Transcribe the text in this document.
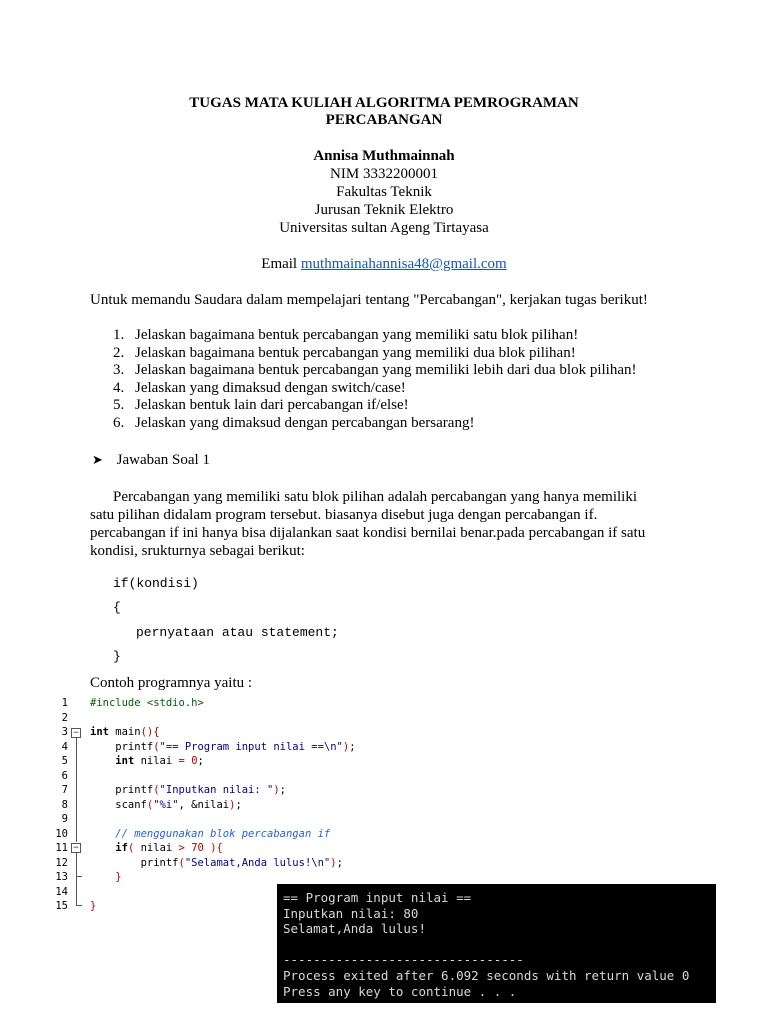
TUGAS MATA KULIAH ALGORITMA PEMROGRAMAN
PERCABANGAN
Annisa Muthmainnah
NIM 3332200001
Fakultas Teknik
Jurusan Teknik Elektro
Universitas sultan Ageng Tirtayasa
Email muthmainahannisa48@gmail.com
Untuk memandu Saudara dalam mempelajari tentang "Percabangan", kerjakan tugas berikut!
1. Jelaskan bagaimana bentuk percabangan yang memiliki satu blok pilihan!
2. Jelaskan bagaimana bentuk percabangan yang memiliki dua blok pilihan!
3. Jelaskan bagaimana bentuk percabangan yang memiliki lebih dari dua blok pilihan!
4. Jelaskan yang dimaksud dengan switch/case!
5. Jelaskan bentuk lain dari percabangan if/else!
6. Jelaskan yang dimaksud dengan percabangan bersarang!
➤ Jawaban Soal 1
Percabangan yang memiliki satu blok pilihan adalah percabangan yang hanya memiliki
satu pilihan didalam program tersebut. biasanya disebut juga dengan percabangan if.
percabangan if ini hanya bisa dijalankan saat kondisi bernilai benar.pada percabangan if satu
kondisi, srukturnya sebagai berikut:
if(kondisi)
{
pernyataan atau statement;
}
Contoh programnya yaitu :
1
2
3
4
5
6
7
8
9
10
11
12
13
14
15
−
−
#include <stdio.h>
int main(){
printf("== Program input nilai ==\n");
int nilai = 0;
printf("Inputkan nilai: ");
scanf("%i", &nilai);
// menggunakan blok percabangan if
if( nilai > 70 ){
printf("Selamat,Anda lulus!\n");
}
}
== Program input nilai ==
Inputkan nilai: 80
Selamat,Anda lulus!

--------------------------------
Process exited after 6.092 seconds with return value 0
Press any key to continue . . .
